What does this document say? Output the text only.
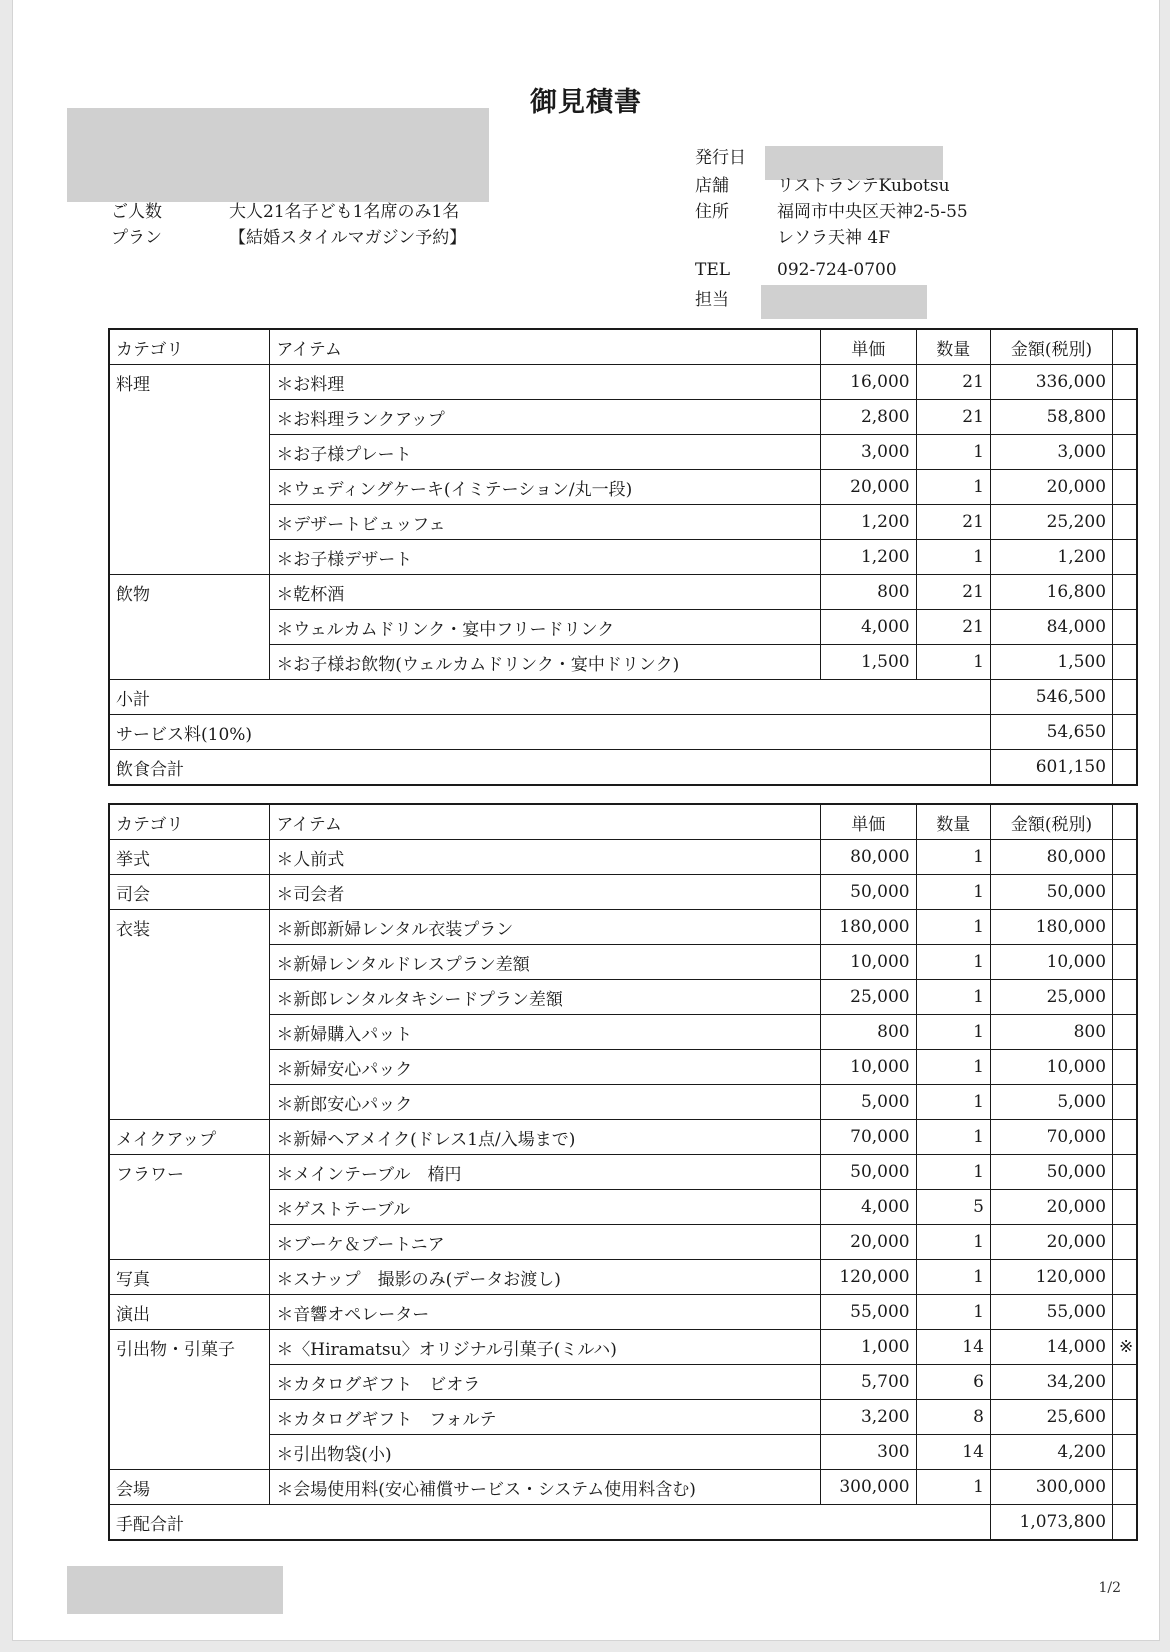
御見積書
ご人数	大人21名子ども1名席のみ1名
プラン	【結婚スタイルマガジン予約】
発行日
店舗	リストランテKubotsu
住所	福岡市中央区天神2-5-55
レソラ天神 4F
TEL	092-724-0700
担当
カテゴリ	アイテム	単価	数量	金額(税別)	
料理	＊お料理	16,000	21	336,000	
	＊お料理ランクアップ	2,800	21	58,800	
	＊お子様プレート	3,000	1	3,000	
	＊ウェディングケーキ(イミテーション/丸一段)	20,000	1	20,000	
	＊デザートビュッフェ	1,200	21	25,200	
	＊お子様デザート	1,200	1	1,200	
飲物	＊乾杯酒	800	21	16,800	
	＊ウェルカムドリンク・宴中フリードリンク	4,000	21	84,000	
	＊お子様お飲物(ウェルカムドリンク・宴中ドリンク)	1,500	1	1,500	
小計				546,500	
サービス料(10%)				54,650	
飲食合計				601,150	
カテゴリ	アイテム	単価	数量	金額(税別)	
挙式	＊人前式	80,000	1	80,000	
司会	＊司会者	50,000	1	50,000	
衣装	＊新郎新婦レンタル衣装プラン	180,000	1	180,000	
	＊新婦レンタルドレスプラン差額	10,000	1	10,000	
	＊新郎レンタルタキシードプラン差額	25,000	1	25,000	
	＊新婦購入パット	800	1	800	
	＊新婦安心パック	10,000	1	10,000	
	＊新郎安心パック	5,000	1	5,000	
メイクアップ	＊新婦ヘアメイク(ドレス1点/入場まで)	70,000	1	70,000	
フラワー	＊メインテーブル　楕円	50,000	1	50,000	
	＊ゲストテーブル	4,000	5	20,000	
	＊ブーケ＆ブートニア	20,000	1	20,000	
写真	＊スナップ　撮影のみ(データお渡し)	120,000	1	120,000	
演出	＊音響オペレーター	55,000	1	55,000	
引出物・引菓子	＊〈Hiramatsu〉オリジナル引菓子(ミルハ)	1,000	14	14,000	※
	＊カタログギフト　ビオラ	5,700	6	34,200	
	＊カタログギフト　フォルテ	3,200	8	25,600	
	＊引出物袋(小)	300	14	4,200	
会場	＊会場使用料(安心補償サービス・システム使用料含む)	300,000	1	300,000	
手配合計				1,073,800	
1/2
